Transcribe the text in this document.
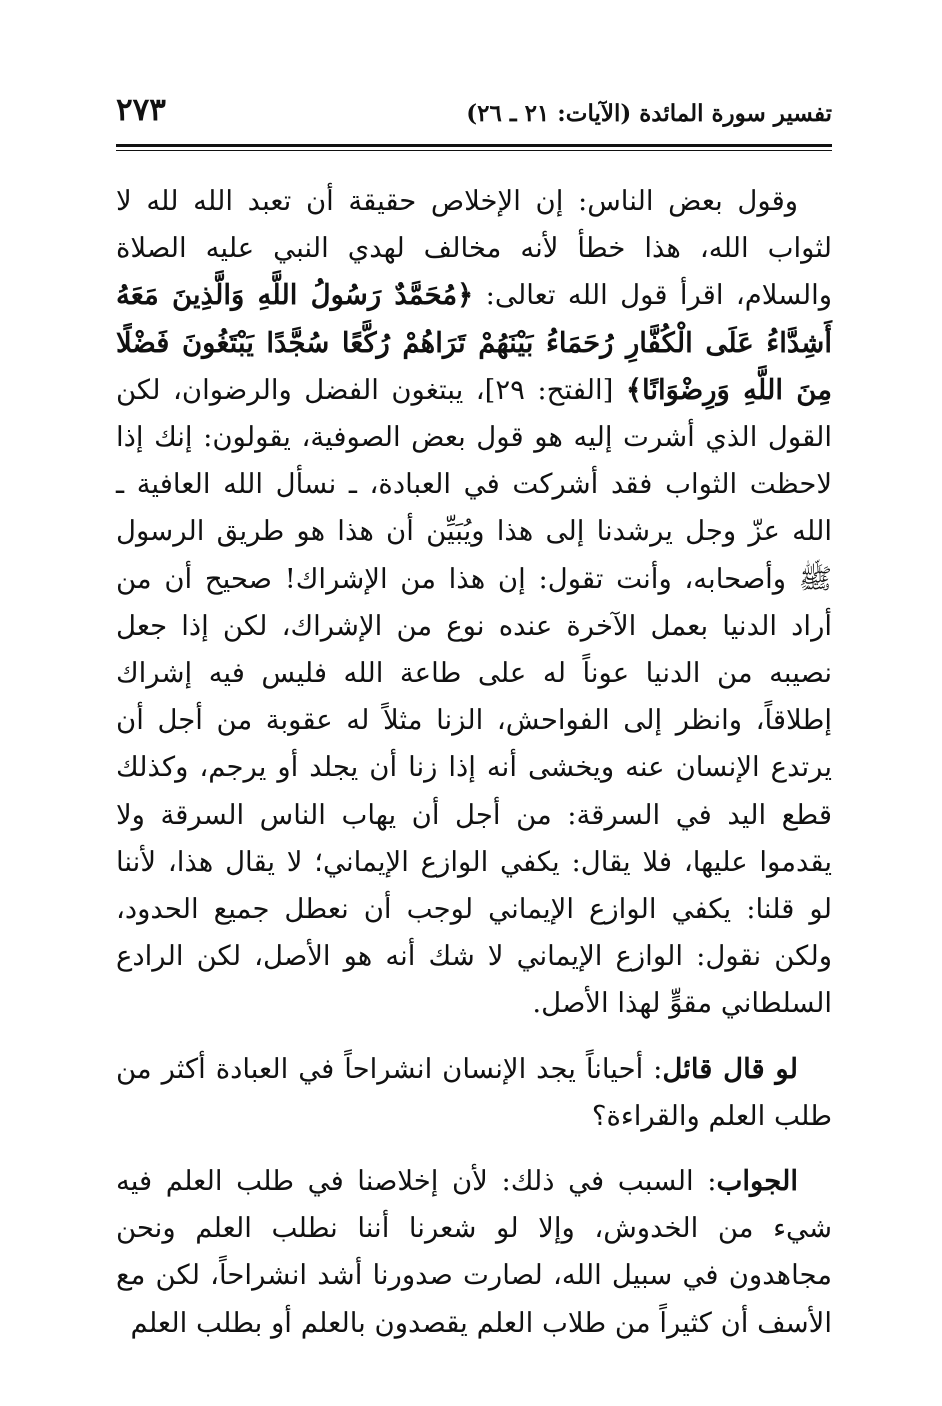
تفسير سورة المائدة (الآيات: ٢١ ـ ٢٦)
٢٧٣

وقول بعض الناس: إن الإخلاص حقيقة أن تعبد الله لله لا لثواب الله، هذا خطأ لأنه مخالف لهدي النبي عليه الصلاة والسلام، اقرأ قول الله تعالى: ﴿مُحَمَّدٌ رَسُولُ اللَّهِ وَالَّذِينَ مَعَهُ أَشِدَّاءُ عَلَى الْكُفَّارِ رُحَمَاءُ بَيْنَهُمْ تَرَاهُمْ رُكَّعًا سُجَّدًا يَبْتَغُونَ فَضْلًا مِنَ اللَّهِ وَرِضْوَانًا﴾ [الفتح: ٢٩]، يبتغون الفضل والرضوان، لكن القول الذي أشرت إليه هو قول بعض الصوفية، يقولون: إنك إذا لاحظت الثواب فقد أشركت في العبادة، ـ نسأل الله العافية ـ الله عزّ وجل يرشدنا إلى هذا ويُبَيِّن أن هذا هو طريق الرسول ﷺ وأصحابه، وأنت تقول: إن هذا من الإشراك! صحيح أن من أراد الدنيا بعمل الآخرة عنده نوع من الإشراك، لكن إذا جعل نصيبه من الدنيا عوناً له على طاعة الله فليس فيه إشراك إطلاقاً، وانظر إلى الفواحش، الزنا مثلاً له عقوبة من أجل أن يرتدع الإنسان عنه ويخشى أنه إذا زنا أن يجلد أو يرجم، وكذلك قطع اليد في السرقة: من أجل أن يهاب الناس السرقة ولا يقدموا عليها، فلا يقال: يكفي الوازع الإيماني؛ لا يقال هذا، لأننا لو قلنا: يكفي الوازع الإيماني لوجب أن نعطل جميع الحدود، ولكن نقول: الوازع الإيماني لا شك أنه هو الأصل، لكن الرادع السلطاني مقوٍّ لهذا الأصل.

لو قال قائل: أحياناً يجد الإنسان انشراحاً في العبادة أكثر من طلب العلم والقراءة؟

الجواب: السبب في ذلك: لأن إخلاصنا في طلب العلم فيه شيء من الخدوش، وإلا لو شعرنا أننا نطلب العلم ونحن مجاهدون في سبيل الله، لصارت صدورنا أشد انشراحاً، لكن مع الأسف أن كثيراً من طلاب العلم يقصدون بالعلم أو بطلب العلم
